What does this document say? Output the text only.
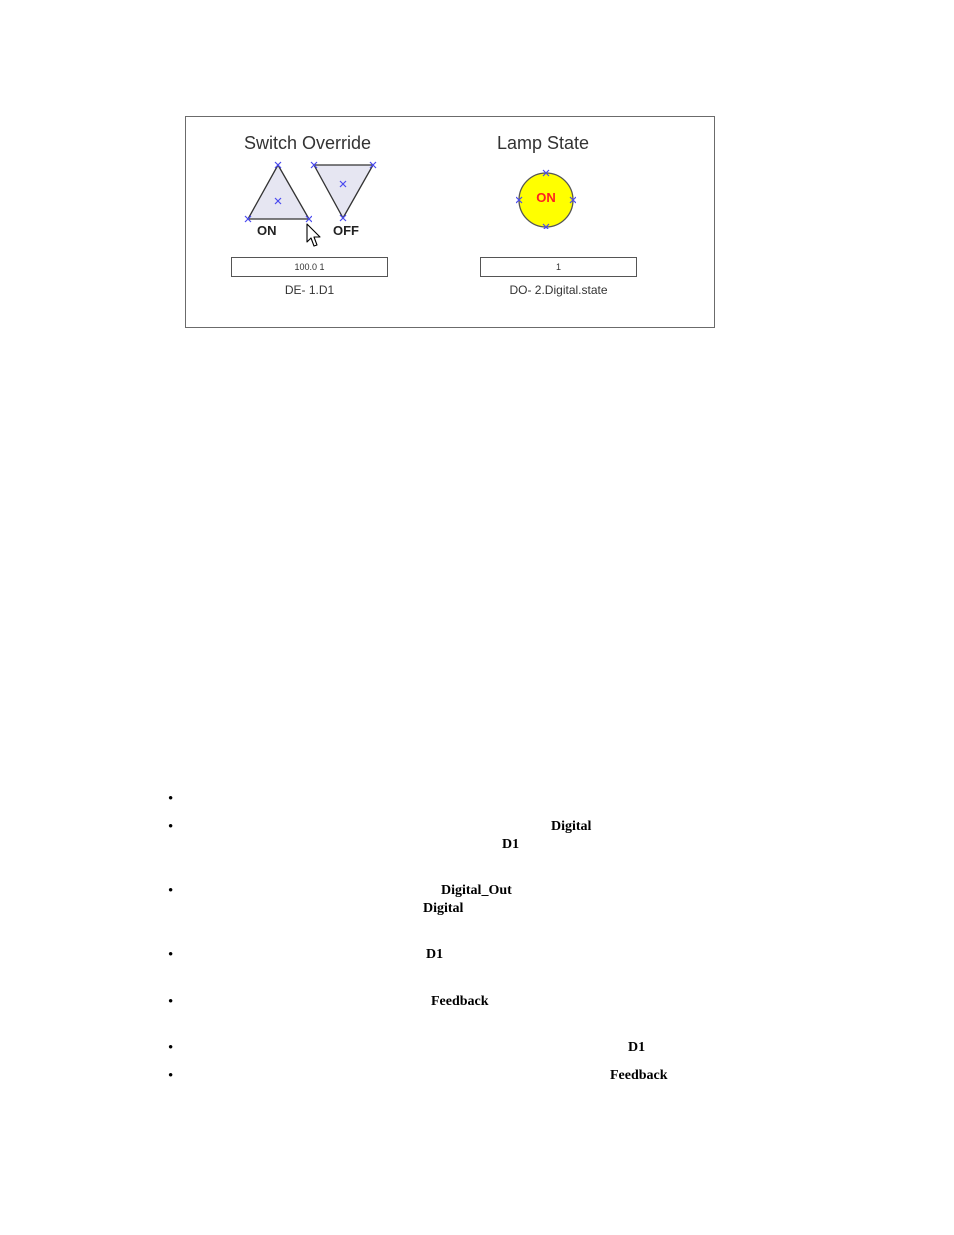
Switch Override	Lamp State
ON	OFF
ON
100.0 1	1
DE- 1.D1	DO- 2.Digital.state
•
•	Digital
D1
•	Digital_Out
Digital
•	D1
•	Feedback
•	D1
•	Feedback
